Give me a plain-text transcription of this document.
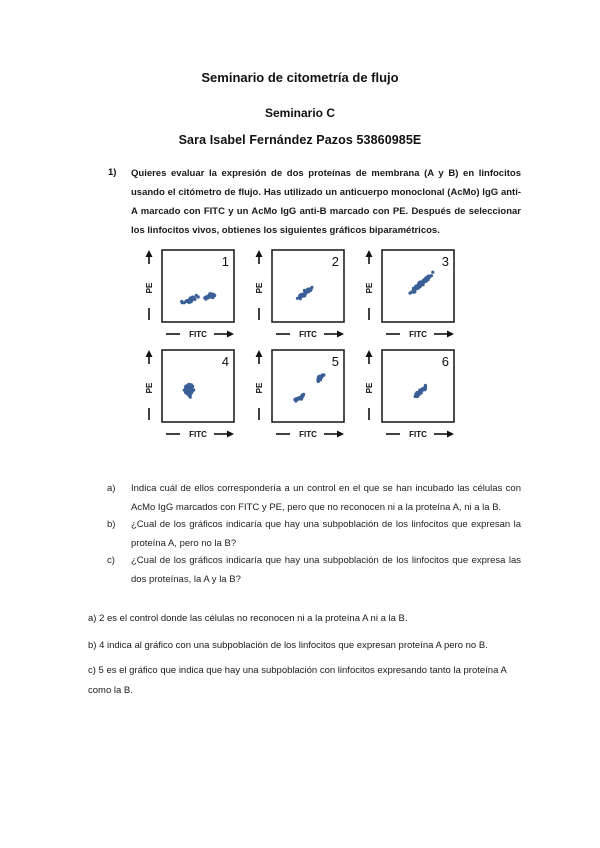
Seminario de citometría de flujo
Seminario C
Sara Isabel Fernández Pazos 53860985E
1) Quieres evaluar la expresión de dos proteínas de membrana (A y B) en linfocitos usando el citómetro de flujo. Has utilizado un anticuerpo monoclonal (AcMo) IgG anti-A marcado con FITC y un AcMo IgG anti-B marcado con PE. Después de seleccionar los linfocitos vivos, obtienes los siguientes gráficos biparamétricos.
1
PE
FITC
2
PE
FITC
3
PE
FITC
4
PE
FITC
5
PE
FITC
6
PE
FITC
a)	Indica cuál de ellos correspondería a un control en el que se han incubado las células con AcMo IgG marcados con FITC y PE, pero que no reconocen ni a la proteína A, ni a la B.
b)	¿Cual de los gráficos indicaría que hay una subpoblación de los linfocitos que expresan la proteína A, pero no la B?
c)	¿Cual de los gráficos indicaría que hay una subpoblación de los linfocitos que expresa las dos proteínas, la A y la B?
a) 2 es el control donde las células no reconocen ni a la proteína A ni a la B.
b) 4 indica al gráfico con una subpoblación de los linfocitos que expresan proteína A pero no B.
c) 5 es el gráfico que indica que hay una subpoblación con linfocitos expresando tanto la proteína A como la B.
